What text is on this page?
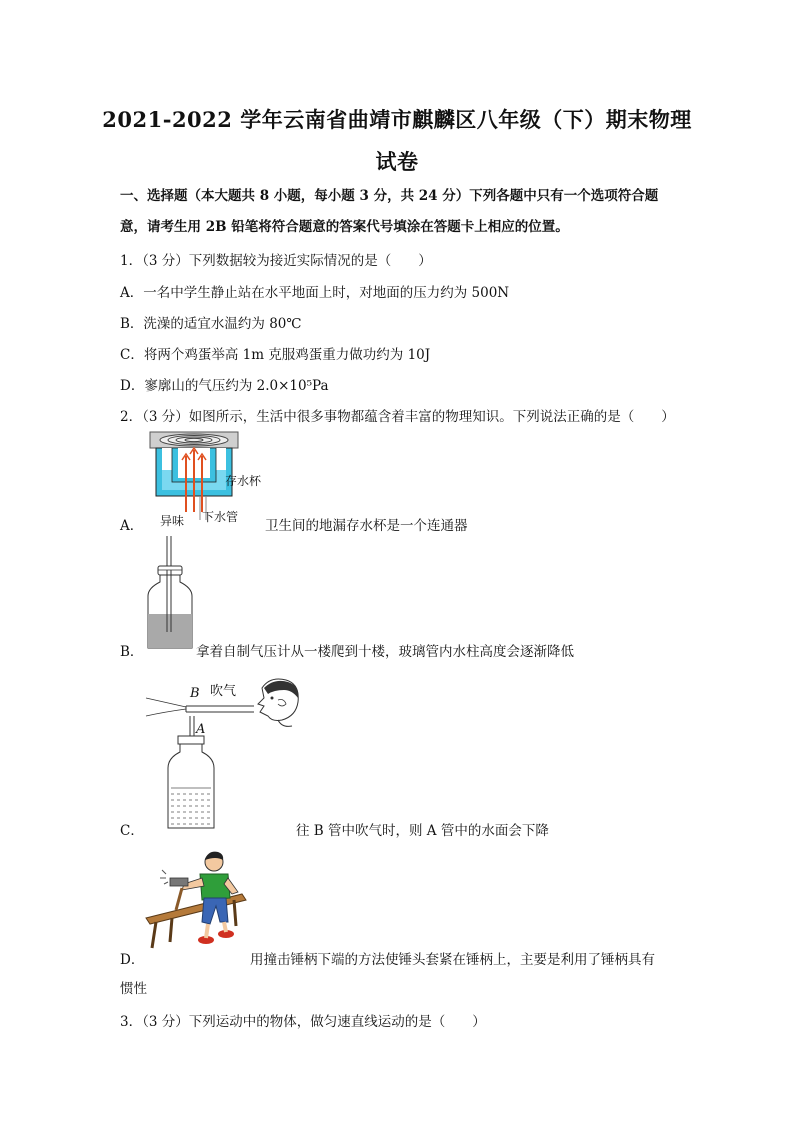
2021-2022 学年云南省曲靖市麒麟区八年级（下）期末物理
试卷
一、选择题（本大题共 8 小题，每小题 3 分，共 24 分）下列各题中只有一个选项符合题意，请考生用 2B 铅笔将符合题意的答案代号填涂在答题卡上相应的位置。
1．（3 分）下列数据较为接近实际情况的是（　　）
A．一名中学生静止站在水平地面上时，对地面的压力约为 500N
B．洗澡的适宜水温约为 80℃
C．将两个鸡蛋举高 1m 克服鸡蛋重力做功约为 10J
D．寥廓山的气压约为 2.0×10⁵Pa
2．（3 分）如图所示，生活中很多事物都蕴含着丰富的物理知识。下列说法正确的是（　　）
存水杯
异味 下水管
A．	卫生间的地漏存水杯是一个连通器
B．	拿着自制气压计从一楼爬到十楼，玻璃管内水柱高度会逐渐降低
吹气
B
A
C．	往 B 管中吹气时，则 A 管中的水面会下降
D．	用撞击锤柄下端的方法使锤头套紧在锤柄上，主要是利用了锤柄具有
惯性
3．（3 分）下列运动中的物体，做匀速直线运动的是（　　）
